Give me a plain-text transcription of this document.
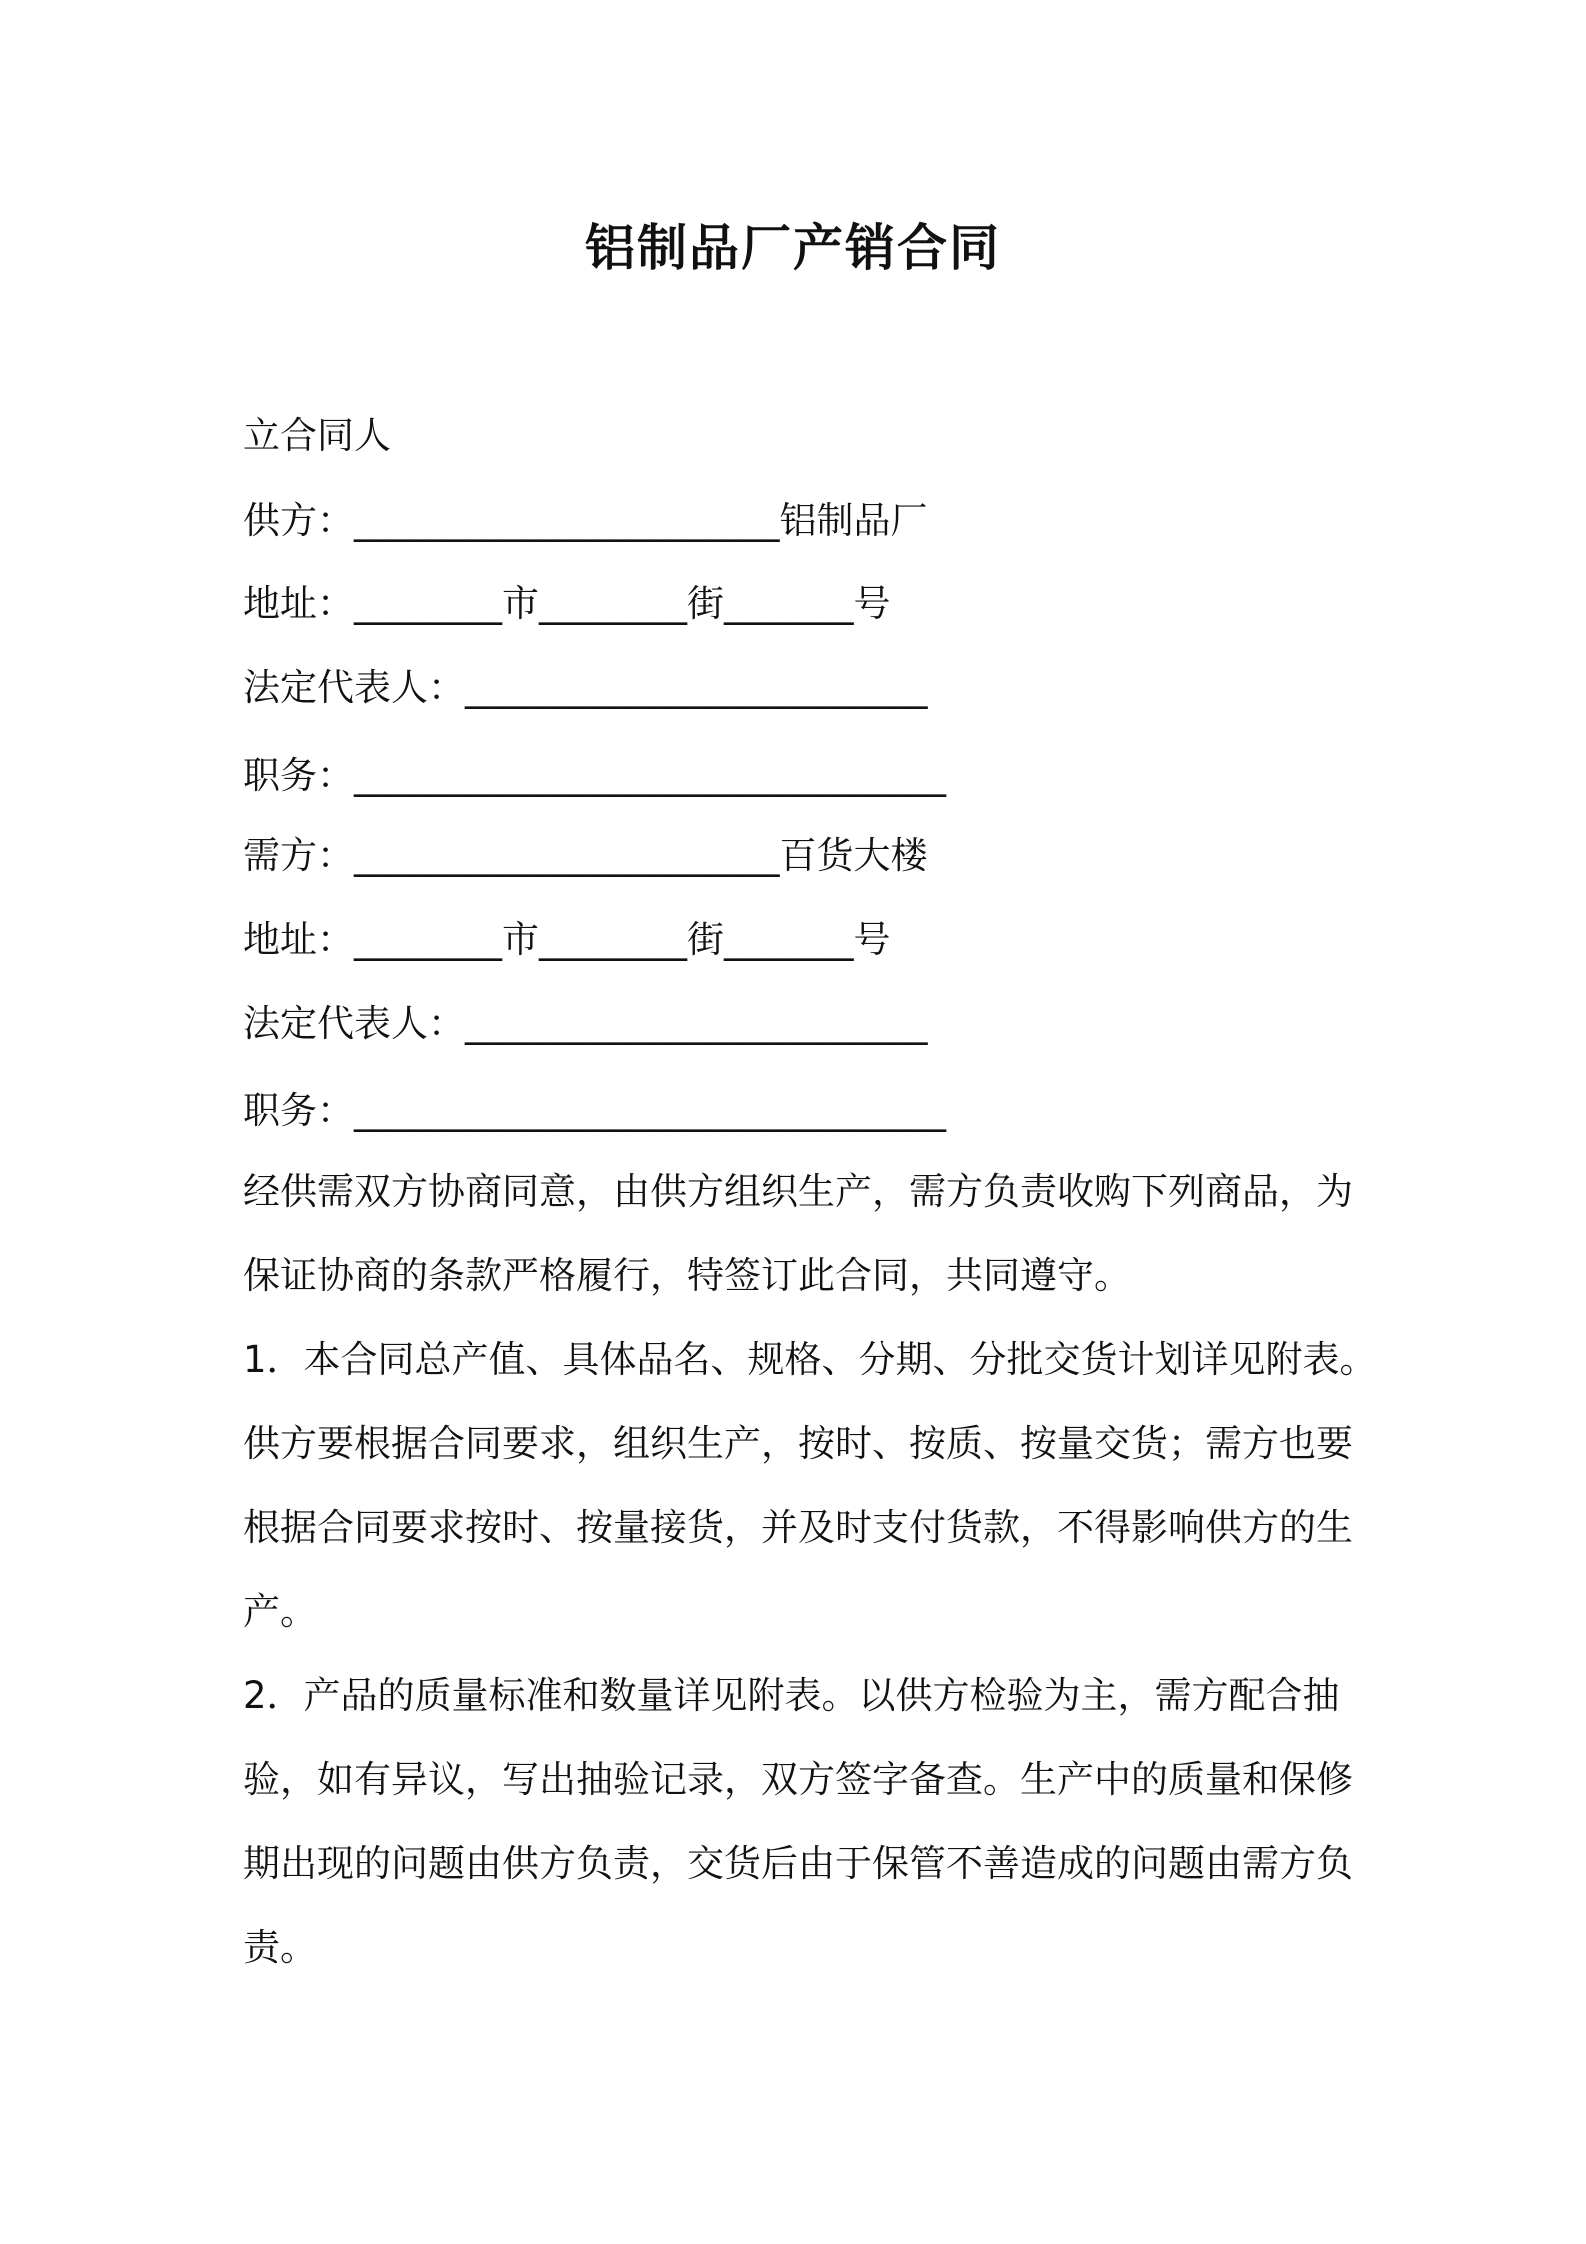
铝制品厂产销合同
立合同人
供方：_______________________铝制品厂
地址：________市________街_______号
法定代表人：_________________________
职务：________________________________
需方：_______________________百货大楼
地址：________市________街_______号
法定代表人：_________________________
职务：________________________________
经供需双方协商同意，由供方组织生产，需方负责收购下列商品，为
保证协商的条款严格履行，特签订此合同，共同遵守。
1．本合同总产值、具体品名、规格、分期、分批交货计划详见附表。
供方要根据合同要求，组织生产，按时、按质、按量交货；需方也要
根据合同要求按时、按量接货，并及时支付货款，不得影响供方的生
产。
2．产品的质量标准和数量详见附表。以供方检验为主，需方配合抽
验，如有异议，写出抽验记录，双方签字备查。生产中的质量和保修
期出现的问题由供方负责，交货后由于保管不善造成的问题由需方负
责。
